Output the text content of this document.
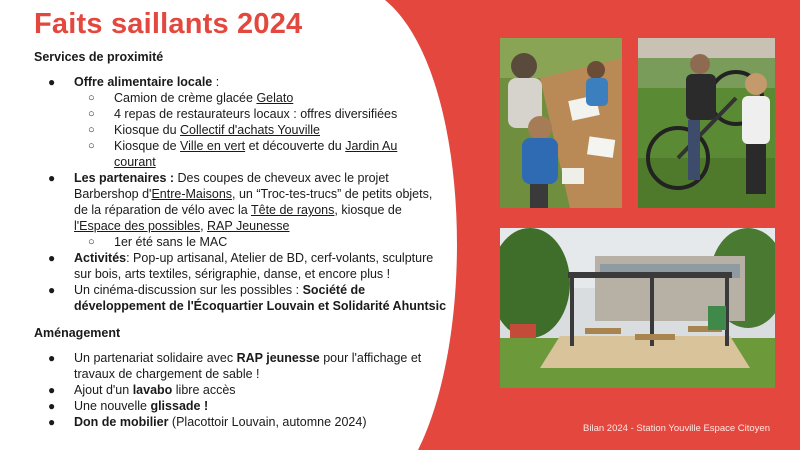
Faits saillants 2024

Services de proximité

● Offre alimentaire locale :
○ Camion de crème glacée Gelato
○ 4 repas de restaurateurs locaux : offres diversifiées
○ Kiosque du Collectif d'achats Youville
○ Kiosque de Ville en vert et découverte du Jardin Au
courant
● Les partenaires : Des coupes de cheveux avec le projet
Barbershop d'Entre-Maisons, un “Troc-tes-trucs” de petits objets,
de la réparation de vélo avec la Tête de rayons, kiosque de
l'Espace des possibles, RAP Jeunesse
○ 1er été sans le MAC
● Activités: Pop-up artisanal, Atelier de BD, cerf-volants, sculpture
sur bois, arts textiles, sérigraphie, danse, et encore plus !
● Un cinéma-discussion sur les possibles : Société de
développement de l'Écoquartier Louvain et Solidarité Ahuntsic

Aménagement

● Un partenariat solidaire avec RAP jeunesse pour l'affichage et
travaux de chargement de sable !
● Ajout d'un lavabo libre accès
● Une nouvelle glissade !
● Don de mobilier (Placottoir Louvain, automne 2024)	Bilan 2024 - Station Youville Espace Citoyen
